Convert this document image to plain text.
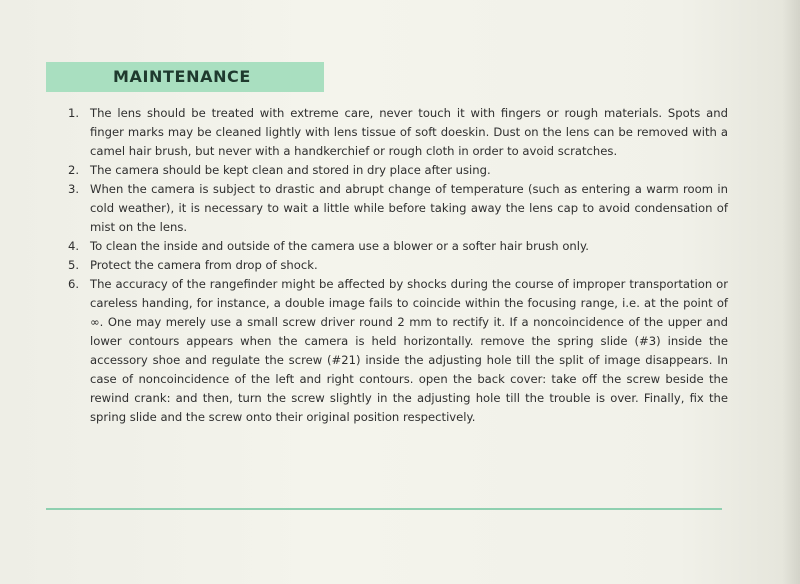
MAINTENANCE
1. The lens should be treated with extreme care, never touch it with fingers or rough materials. Spots and finger marks may be cleaned lightly with lens tissue of soft doeskin. Dust on the lens can be removed with a camel hair brush, but never with a handkerchief or rough cloth in order to avoid scratches.
2. The camera should be kept clean and stored in dry place after using.
3. When the camera is subject to drastic and abrupt change of temperature (such as entering a warm room in cold weather), it is necessary to wait a little while before taking away the lens cap to avoid condensation of mist on the lens.
4. To clean the inside and outside of the camera use a blower or a softer hair brush only.
5. Protect the camera from drop of shock.
6. The accuracy of the rangefinder might be affected by shocks during the course of improper transportation or careless handing, for instance, a double image fails to coincide within the focusing range, i.e. at the point of ∞. One may merely use a small screw driver round 2 mm to rectify it. If a noncoincidence of the upper and lower contours appears when the camera is held horizontally. remove the spring slide (#3) inside the accessory shoe and regulate the screw (#21) inside the adjusting hole till the split of image disappears. In case of noncoincidence of the left and right contours. open the back cover: take off the screw beside the rewind crank: and then, turn the screw slightly in the adjusting hole till the trouble is over. Finally, fix the spring slide and the screw onto their original position respectively.
